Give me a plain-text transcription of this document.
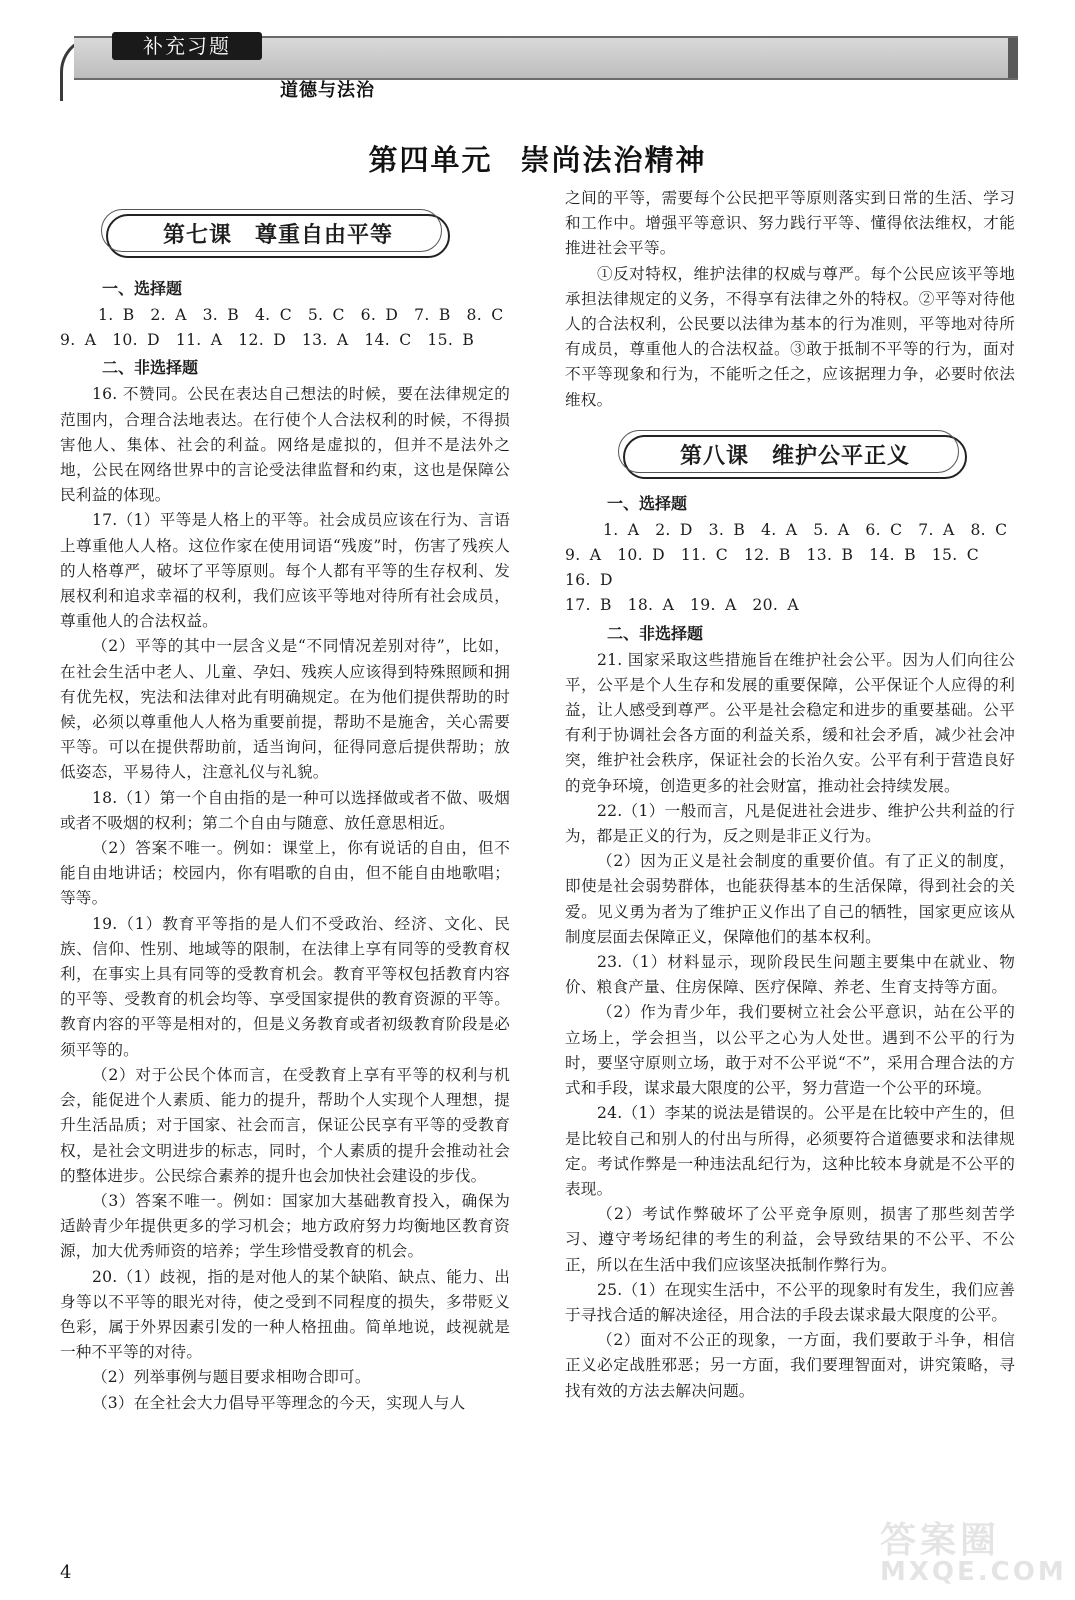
补充习题
道德与法治
第四单元 崇尚法治精神
第七课　尊重自由平等
一、选择题

1. B　2. A　3. B　4. C　5. C　6. D　7. B　8. C

9. A　10. D　11. A　12. D　13. A　14. C　15. B

二、非选择题

16. 不赞同。公民在表达自己想法的时候，要在法律规定的范围内，合理合法地表达。在行使个人合法权利的时候，不得损害他人、集体、社会的利益。网络是虚拟的，但并不是法外之地，公民在网络世界中的言论受法律监督和约束，这也是保障公民利益的体现。

17.（1）平等是人格上的平等。社会成员应该在行为、言语上尊重他人人格。这位作家在使用词语“残废”时，伤害了残疾人的人格尊严，破坏了平等原则。每个人都有平等的生存权利、发展权利和追求幸福的权利，我们应该平等地对待所有社会成员，尊重他人的合法权益。

（2）平等的其中一层含义是“不同情况差别对待”，比如，在社会生活中老人、儿童、孕妇、残疾人应该得到特殊照顾和拥有优先权，宪法和法律对此有明确规定。在为他们提供帮助的时候，必须以尊重他人人格为重要前提，帮助不是施舍，关心需要平等。可以在提供帮助前，适当询问，征得同意后提供帮助；放低姿态，平易待人，注意礼仪与礼貌。

18.（1）第一个自由指的是一种可以选择做或者不做、吸烟或者不吸烟的权利；第二个自由与随意、放任意思相近。

（2）答案不唯一。例如：课堂上，你有说话的自由，但不能自由地讲话；校园内，你有唱歌的自由，但不能自由地歌唱；等等。

19.（1）教育平等指的是人们不受政治、经济、文化、民族、信仰、性别、地域等的限制，在法律上享有同等的受教育权利，在事实上具有同等的受教育机会。教育平等权包括教育内容的平等、受教育的机会均等、享受国家提供的教育资源的平等。教育内容的平等是相对的，但是义务教育或者初级教育阶段是必须平等的。

（2）对于公民个体而言，在受教育上享有平等的权利与机会，能促进个人素质、能力的提升，帮助个人实现个人理想，提升生活品质；对于国家、社会而言，保证公民享有平等的受教育权，是社会文明进步的标志，同时，个人素质的提升会推动社会的整体进步。公民综合素养的提升也会加快社会建设的步伐。

（3）答案不唯一。例如：国家加大基础教育投入，确保为适龄青少年提供更多的学习机会；地方政府努力均衡地区教育资源，加大优秀师资的培养；学生珍惜受教育的机会。

20.（1）歧视，指的是对他人的某个缺陷、缺点、能力、出身等以不平等的眼光对待，使之受到不同程度的损失，多带贬义色彩，属于外界因素引发的一种人格扭曲。简单地说，歧视就是一种不平等的对待。

（2）列举事例与题目要求相吻合即可。

（3）在全社会大力倡导平等理念的今天，实现人与人

之间的平等，需要每个公民把平等原则落实到日常的生活、学习和工作中。增强平等意识、努力践行平等、懂得依法维权，才能推进社会平等。

①反对特权，维护法律的权威与尊严。每个公民应该平等地承担法律规定的义务，不得享有法律之外的特权。②平等对待他人的合法权利，公民要以法律为基本的行为准则，平等地对待所有成员，尊重他人的合法权益。③敢于抵制不平等的行为，面对不平等现象和行为，不能听之任之，应该据理力争，必要时依法维权。

第八课　维护公平正义
一、选择题

1. A　2. D　3. B　4. A　5. A　6. C　7. A　8. C

9. A　10. D　11. C　12. B　13. B　14. B　15. C　16. D

17. B　18. A　19. A　20. A

二、非选择题

21. 国家采取这些措施旨在维护社会公平。因为人们向往公平，公平是个人生存和发展的重要保障，公平保证个人应得的利益，让人感受到尊严。公平是社会稳定和进步的重要基础。公平有利于协调社会各方面的利益关系，缓和社会矛盾，减少社会冲突，维护社会秩序，保证社会的长治久安。公平有利于营造良好的竞争环境，创造更多的社会财富，推动社会持续发展。

22.（1）一般而言，凡是促进社会进步、维护公共利益的行为，都是正义的行为，反之则是非正义行为。

（2）因为正义是社会制度的重要价值。有了正义的制度，即使是社会弱势群体，也能获得基本的生活保障，得到社会的关爱。见义勇为者为了维护正义作出了自己的牺牲，国家更应该从制度层面去保障正义，保障他们的基本权利。

23.（1）材料显示，现阶段民生问题主要集中在就业、物价、粮食产量、住房保障、医疗保障、养老、生育支持等方面。

（2）作为青少年，我们要树立社会公平意识，站在公平的立场上，学会担当，以公平之心为人处世。遇到不公平的行为时，要坚守原则立场，敢于对不公平说“不”，采用合理合法的方式和手段，谋求最大限度的公平，努力营造一个公平的环境。

24.（1）李某的说法是错误的。公平是在比较中产生的，但是比较自己和别人的付出与所得，必须要符合道德要求和法律规定。考试作弊是一种违法乱纪行为，这种比较本身就是不公平的表现。

（2）考试作弊破坏了公平竞争原则，损害了那些刻苦学习、遵守考场纪律的考生的利益，会导致结果的不公平、不公正，所以在生活中我们应该坚决抵制作弊行为。

25.（1）在现实生活中，不公平的现象时有发生，我们应善于寻找合适的解决途径，用合法的手段去谋求最大限度的公平。

（2）面对不公正的现象，一方面，我们要敢于斗争，相信正义必定战胜邪恶；另一方面，我们要理智面对，讲究策略，寻找有效的方法去解决问题。

4
答案圈
MXQE.COM
